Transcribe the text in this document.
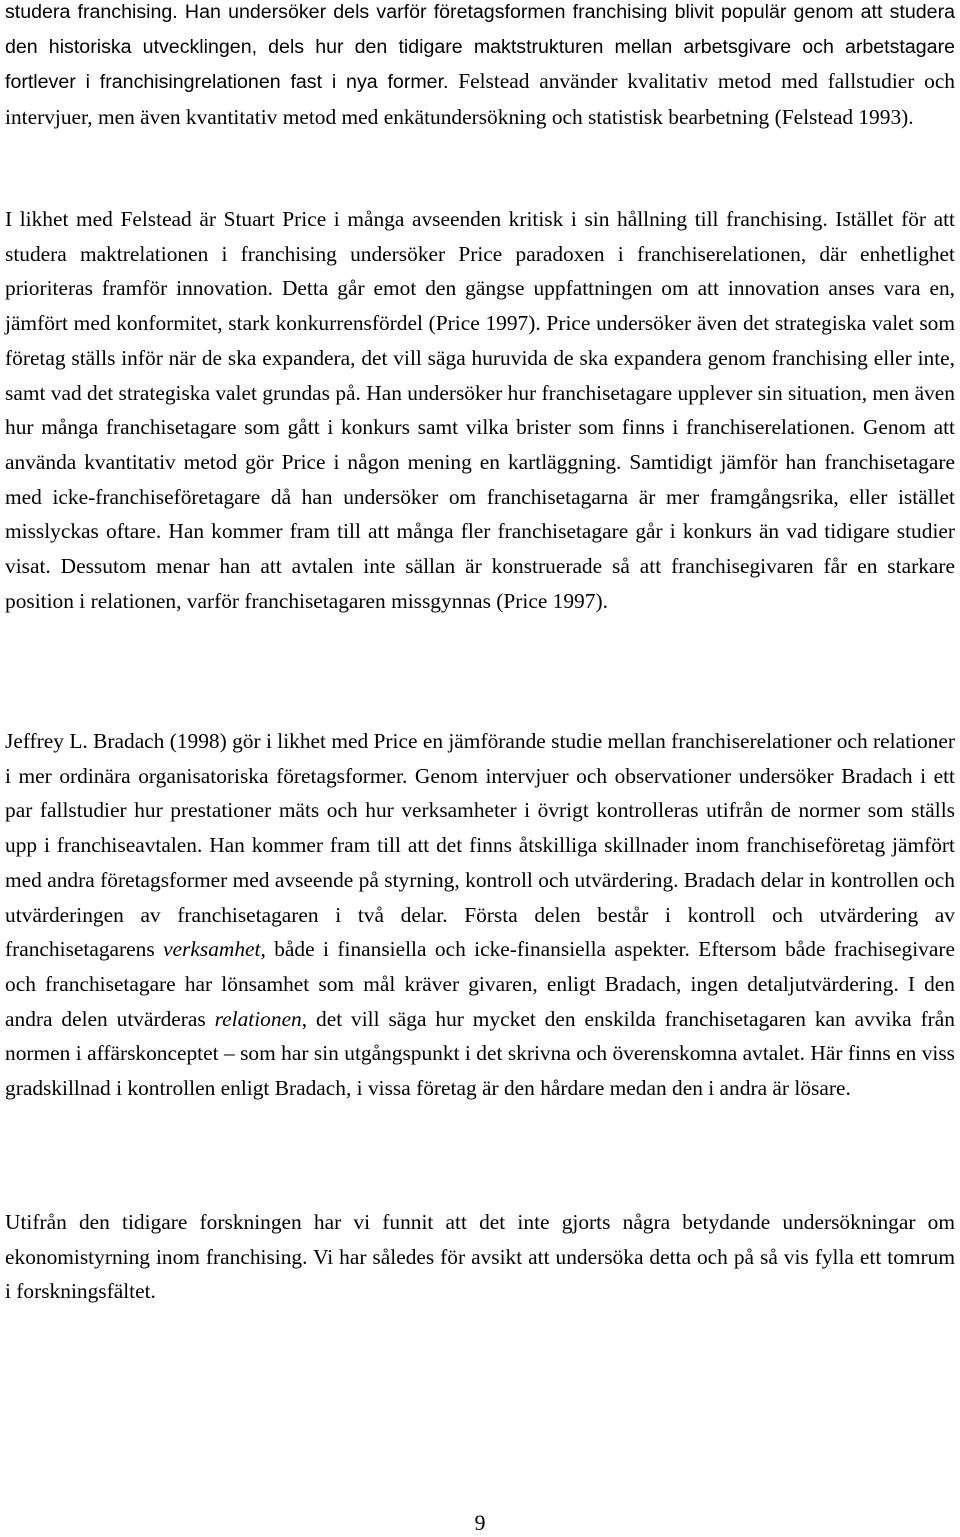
studera franchising. Han undersöker dels varför företagsformen franchising blivit populär genom att studera den historiska utvecklingen, dels hur den tidigare maktstrukturen mellan arbetsgivare och arbetstagare fortlever i franchisingrelationen fast i nya former. Felstead använder kvalitativ metod med fallstudier och intervjuer, men även kvantitativ metod med enkätundersökning och statistisk bearbetning (Felstead 1993).

I likhet med Felstead är Stuart Price i många avseenden kritisk i sin hållning till franchising. Istället för att studera maktrelationen i franchising undersöker Price paradoxen i franchiserelationen, där enhetlighet prioriteras framför innovation. Detta går emot den gängse uppfattningen om att innovation anses vara en, jämfört med konformitet, stark konkurrensfördel (Price 1997). Price undersöker även det strategiska valet som företag ställs inför när de ska expandera, det vill säga huruvida de ska expandera genom franchising eller inte, samt vad det strategiska valet grundas på. Han undersöker hur franchisetagare upplever sin situation, men även hur många franchisetagare som gått i konkurs samt vilka brister som finns i franchiserelationen. Genom att använda kvantitativ metod gör Price i någon mening en kartläggning. Samtidigt jämför han franchisetagare med icke-franchiseföretagare då han undersöker om franchisetagarna är mer framgångsrika, eller istället misslyckas oftare. Han kommer fram till att många fler franchisetagare går i konkurs än vad tidigare studier visat. Dessutom menar han att avtalen inte sällan är konstruerade så att franchisegivaren får en starkare position i relationen, varför franchisetagaren missgynnas (Price 1997).

Jeffrey L. Bradach (1998) gör i likhet med Price en jämförande studie mellan franchiserelationer och relationer i mer ordinära organisatoriska företagsformer. Genom intervjuer och observationer undersöker Bradach i ett par fallstudier hur prestationer mäts och hur verksamheter i övrigt kontrolleras utifrån de normer som ställs upp i franchiseavtalen. Han kommer fram till att det finns åtskilliga skillnader inom franchiseföretag jämfört med andra företagsformer med avseende på styrning, kontroll och utvärdering. Bradach delar in kontrollen och utvärderingen av franchisetagaren i två delar. Första delen består i kontroll och utvärdering av franchisetagarens verksamhet, både i finansiella och icke-finansiella aspekter. Eftersom både frachisegivare och franchisetagare har lönsamhet som mål kräver givaren, enligt Bradach, ingen detaljutvärdering. I den andra delen utvärderas relationen, det vill säga hur mycket den enskilda franchisetagaren kan avvika från normen i affärskonceptet – som har sin utgångspunkt i det skrivna och överenskomna avtalet. Här finns en viss gradskillnad i kontrollen enligt Bradach, i vissa företag är den hårdare medan den i andra är lösare.

Utifrån den tidigare forskningen har vi funnit att det inte gjorts några betydande undersökningar om ekonomistyrning inom franchising. Vi har således för avsikt att undersöka detta och på så vis fylla ett tomrum i forskningsfältet.

9
